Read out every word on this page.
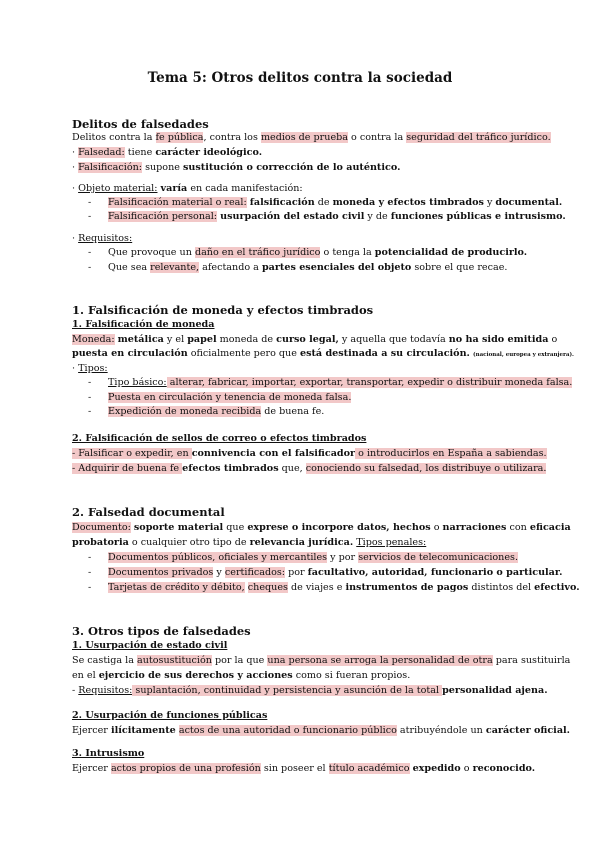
Tema 5: Otros delitos contra la sociedad
Delitos de falsedades
Delitos contra la fe pública, contra los medios de prueba o contra la seguridad del tráfico jurídico.
· Falsedad: tiene carácter ideológico.
· Falsificación: supone sustitución o corrección de lo auténtico.
· Objeto material: varía en cada manifestación:
- Falsificación material o real: falsificación de moneda y efectos timbrados y documental.
- Falsificación personal: usurpación del estado civil y de funciones públicas e intrusismo.
· Requisitos:
- Que provoque un daño en el tráfico jurídico o tenga la potencialidad de producirlo.
- Que sea relevante, afectando a partes esenciales del objeto sobre el que recae.
1. Falsificación de moneda y efectos timbrados
1. Falsificación de moneda
Moneda: metálica y el papel moneda de curso legal, y aquella que todavía no ha sido emitida o
puesta en circulación oficialmente pero que está destinada a su circulación. (nacional, europea y extranjera).
· Tipos:
- Tipo básico: alterar, fabricar, importar, exportar, transportar, expedir o distribuir moneda falsa.
- Puesta en circulación y tenencia de moneda falsa.
- Expedición de moneda recibida de buena fe.
2. Falsificación de sellos de correo o efectos timbrados
- Falsificar o expedir, en connivencia con el falsificador o introducirlos en España a sabiendas.
- Adquirir de buena fe efectos timbrados que, conociendo su falsedad, los distribuye o utilizara.
2. Falsedad documental
Documento: soporte material que exprese o incorpore datos, hechos o narraciones con eficacia
probatoria o cualquier otro tipo de relevancia jurídica. Tipos penales:
- Documentos públicos, oficiales y mercantiles y por servicios de telecomunicaciones.
- Documentos privados y certificados: por facultativo, autoridad, funcionario o particular.
- Tarjetas de crédito y débito, cheques de viajes e instrumentos de pagos distintos del efectivo.
3. Otros tipos de falsedades
1. Usurpación de estado civil
Se castiga la autosustitución por la que una persona se arroga la personalidad de otra para sustituirla
en el ejercicio de sus derechos y acciones como si fueran propios.
- Requisitos: suplantación, continuidad y persistencia y asunción de la total personalidad ajena.
2. Usurpación de funciones públicas
Ejercer ilícitamente actos de una autoridad o funcionario público atribuyéndole un carácter oficial.
3. Intrusismo
Ejercer actos propios de una profesión sin poseer el título académico expedido o reconocido.
